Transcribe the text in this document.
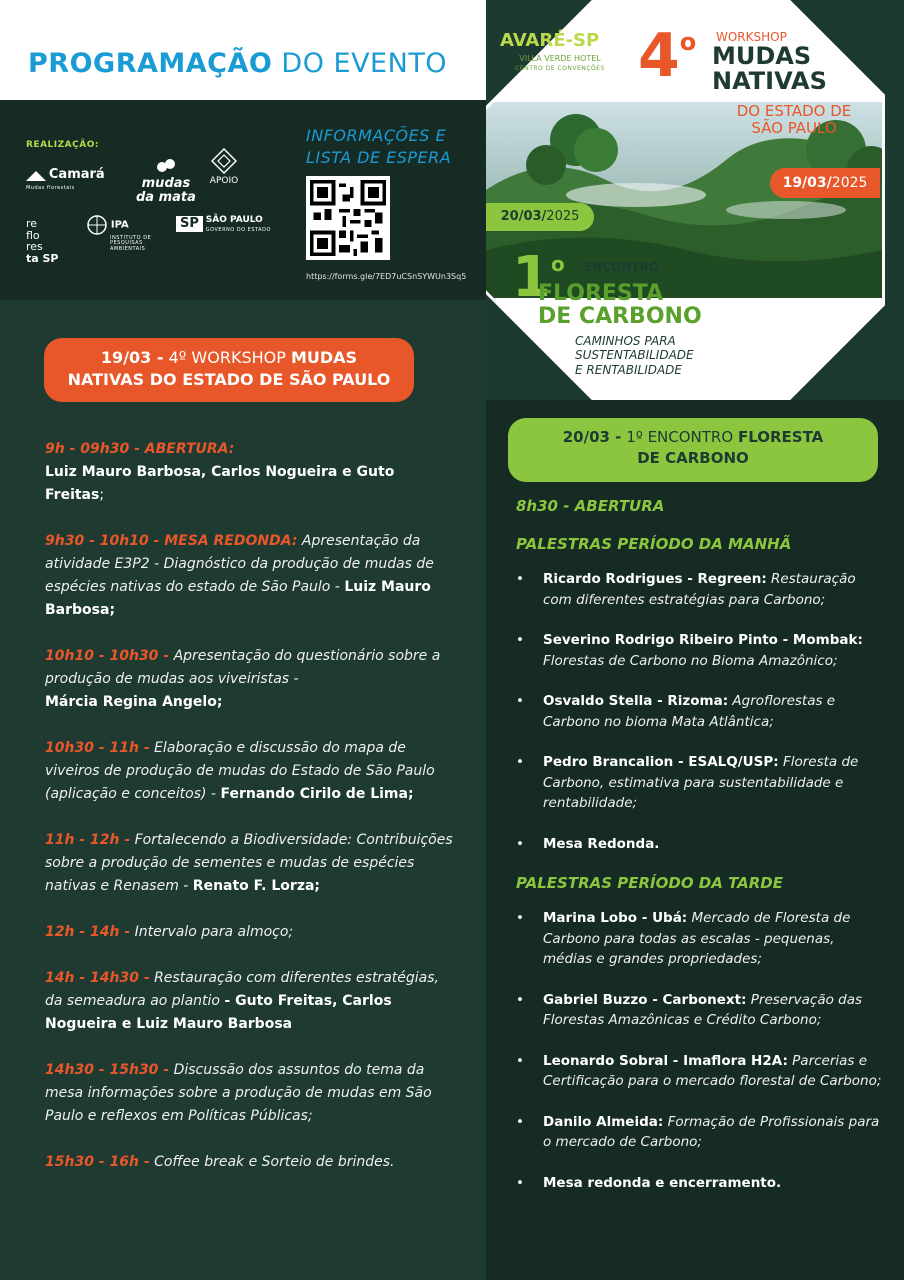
PROGRAMAÇÃO DO EVENTO
REALIZAÇÃO:
Camará
Mudas florestais	mudas
da mata

APOIO
re
flo
res
ta SP
IPA
INSTITUTO DE PESQUISAS AMBIENTAIS
SP SÃO PAULO
GOVERNO DO ESTADO
INFORMAÇÕES E
LISTA DE ESPERA
https://forms.gle/7ED7uCSnSYWUn3Sq5
AVARÉ-SP
VILLA VERDE HOTEL
CENTRO DE CONVENÇÕES 4$^o$ WORKSHOP
MUDAS
NATIVAS
DO ESTADO DE
SÃO PAULO
19/03/2025
20/03/2025
1$^o$ ENCONTRO
FLORESTA
DE CARBONO
CAMINHOS PARA
SUSTENTABILIDADE
E RENTABILIDADE
19/03 - 4º WORKSHOP MUDAS
NATIVAS DO ESTADO DE SÃO PAULO
9h - 09h30 - ABERTURA:
Luiz Mauro Barbosa, Carlos Nogueira e Guto Freitas;
9h30 - 10h10 - MESA REDONDA: Apresentação da atividade E3P2 - Diagnóstico da produção de mudas de espécies nativas do estado de São Paulo - Luiz Mauro Barbosa;
10h10 - 10h30 - Apresentação do questionário sobre a produção de mudas aos viveiristas -
Márcia Regina Angelo;
10h30 - 11h - Elaboração e discussão do mapa de viveiros de produção de mudas do Estado de São Paulo (aplicação e conceitos) - Fernando Cirilo de Lima;
11h - 12h - Fortalecendo a Biodiversidade: Contribuições sobre a produção de sementes e mudas de espécies nativas e Renasem - Renato F. Lorza;
12h - 14h - Intervalo para almoço;
14h - 14h30 - Restauração com diferentes estratégias, da semeadura ao plantio - Guto Freitas, Carlos Nogueira e Luiz Mauro Barbosa
14h30 - 15h30 - Discussão dos assuntos do tema da mesa informações sobre a produção de mudas em São Paulo e reflexos em Políticas Públicas;
15h30 - 16h - Coffee break e Sorteio de brindes.
20/03 - 1º ENCONTRO FLORESTA
DE CARBONO
8h30 - ABERTURA
PALESTRAS PERÍODO DA MANHÃ
• Ricardo Rodrigues - Regreen: Restauração com diferentes estratégias para Carbono;
• Severino Rodrigo Ribeiro Pinto - Mombak: Florestas de Carbono no Bioma Amazônico;
• Osvaldo Stella - Rizoma: Agroflorestas e Carbono no bioma Mata Atlântica;
• Pedro Brancalion - ESALQ/USP: Floresta de Carbono, estimativa para sustentabilidade e rentabilidade;
• Mesa Redonda.
PALESTRAS PERÍODO DA TARDE
• Marina Lobo - Ubá: Mercado de Floresta de Carbono para todas as escalas - pequenas, médias e grandes propriedades;
• Gabriel Buzzo - Carbonext: Preservação das Florestas Amazônicas e Crédito Carbono;
• Leonardo Sobral - Imaflora H2A: Parcerias e Certificação para o mercado florestal de Carbono;
• Danilo Almeida: Formação de Profissionais para o mercado de Carbono;
• Mesa redonda e encerramento.
